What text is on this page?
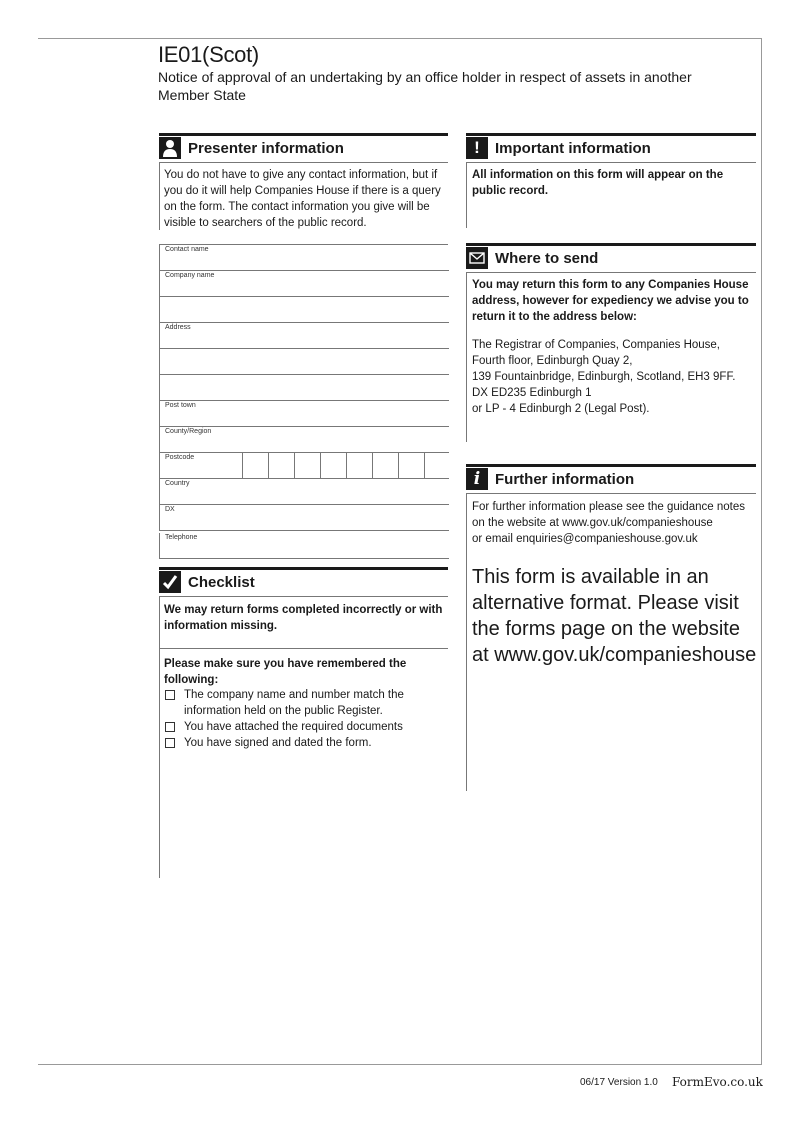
IE01(Scot)
Notice of approval of an undertaking by an office holder in respect of assets in another Member State
Presenter information
You do not have to give any contact information, but if you do it will help Companies House if there is a query on the form. The contact information you give will be visible to searchers of the public record.
Contact name
Company name
Address
Post town
County/Region
Postcode
Country
DX
Telephone
Checklist
We may return forms completed incorrectly or with information missing.
Please make sure you have remembered the following:
The company name and number match the information held on the public Register.
You have attached the required documents
You have signed and dated the form.
!	Important information
All information on this form will appear on the public record.
Where to send
You may return this form to any Companies House address, however for expediency we advise you to return it to the address below:
The Registrar of Companies, Companies House,
Fourth floor, Edinburgh Quay 2,
139 Fountainbridge, Edinburgh, Scotland, EH3 9FF.
DX ED235 Edinburgh 1
or LP - 4 Edinburgh 2 (Legal Post).
i Further information
For further information please see the guidance notes
on the website at www.gov.uk/companieshouse
or email enquiries@companieshouse.gov.uk
This form is available in an alternative format. Please visit the forms page on the website at www.gov.uk/companieshouse
06/17 Version 1.0 FormEvo.co.uk
